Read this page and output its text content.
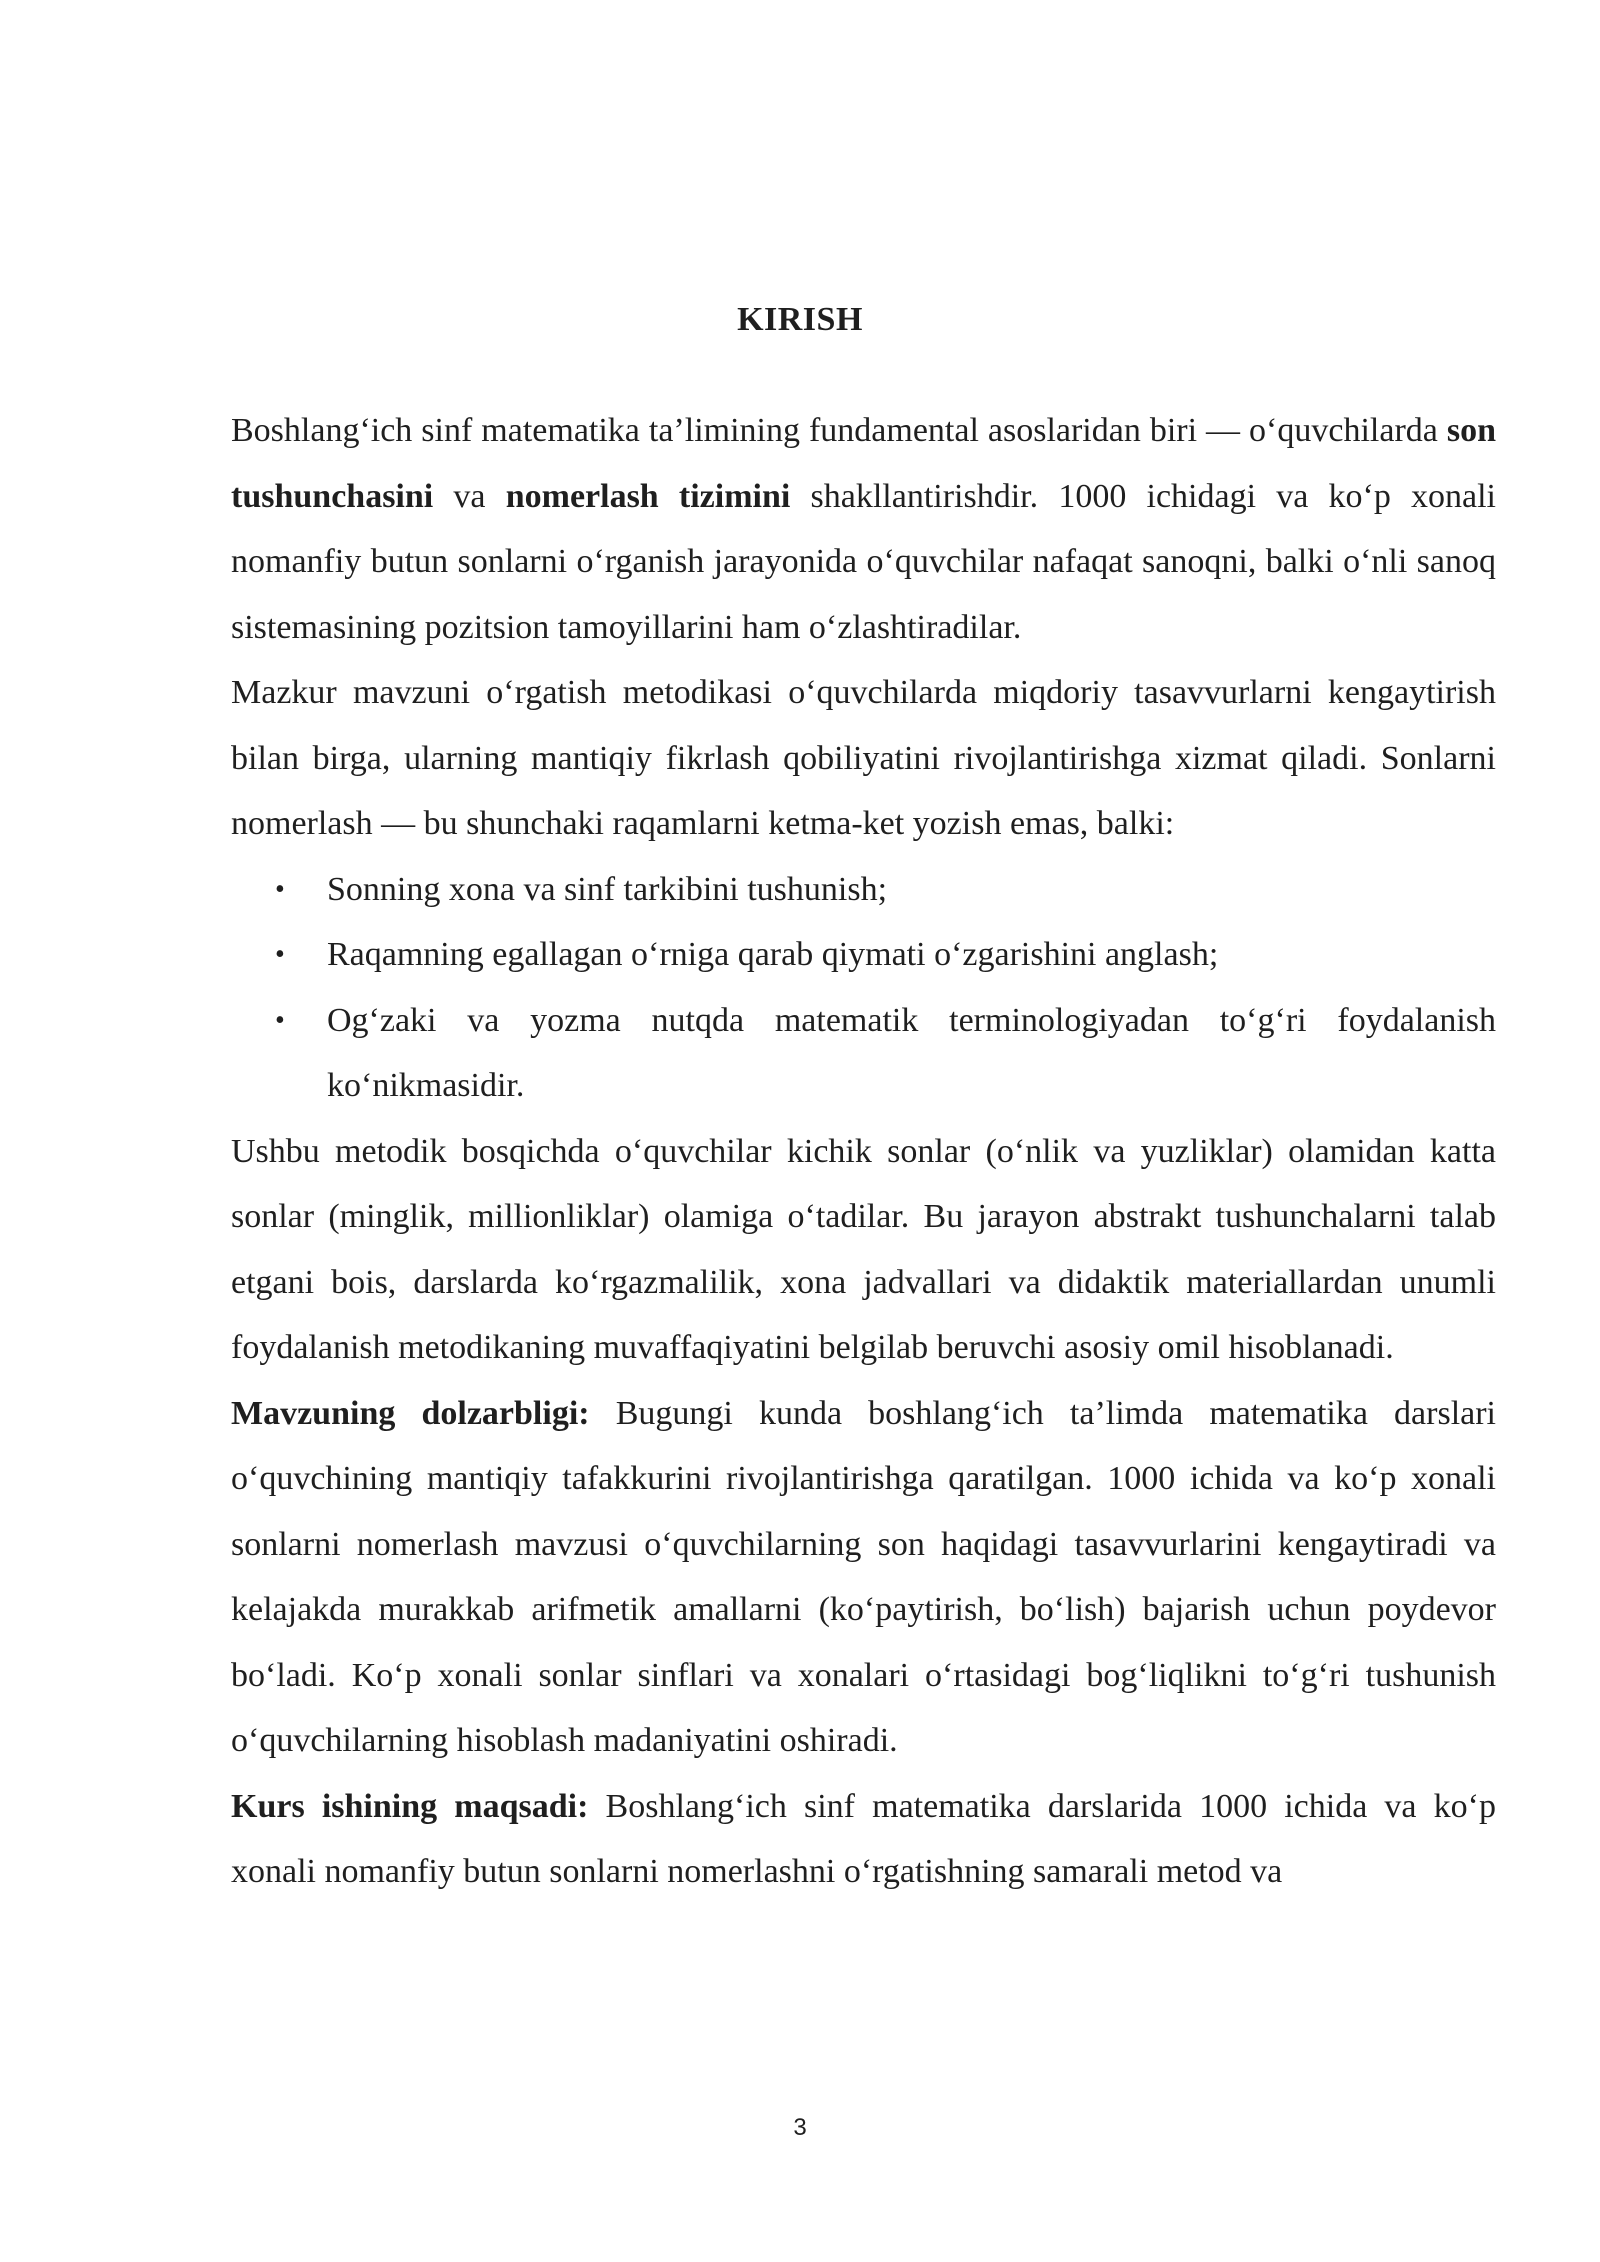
KIRISH

Boshlang‘ich sinf matematika ta’limining fundamental asoslaridan biri — o‘quvchilarda son tushunchasini va nomerlash tizimini shakllantirishdir. 1000 ichidagi va ko‘p xonali nomanfiy butun sonlarni o‘rganish jarayonida o‘quvchilar nafaqat sanoqni, balki o‘nli sanoq sistemasining pozitsion tamoyillarini ham o‘zlashtiradilar.

Mazkur mavzuni o‘rgatish metodikasi o‘quvchilarda miqdoriy tasavvurlarni kengaytirish bilan birga, ularning mantiqiy fikrlash qobiliyatini rivojlantirishga xizmat qiladi. Sonlarni nomerlash — bu shunchaki raqamlarni ketma-ket yozish emas, balki:

• Sonning xona va sinf tarkibini tushunish;
• Raqamning egallagan o‘rniga qarab qiymati o‘zgarishini anglash;
• Og‘zaki va yozma nutqda matematik terminologiyadan to‘g‘ri foydalanish ko‘nikmasidir.

Ushbu metodik bosqichda o‘quvchilar kichik sonlar (o‘nlik va yuzliklar) olamidan katta sonlar (minglik, millionliklar) olamiga o‘tadilar. Bu jarayon abstrakt tushunchalarni talab etgani bois, darslarda ko‘rgazmalilik, xona jadvallari va didaktik materiallardan unumli foydalanish metodikaning muvaffaqiyatini belgilab beruvchi asosiy omil hisoblanadi.

Mavzuning dolzarbligi: Bugungi kunda boshlang‘ich ta’limda matematika darslari o‘quvchining mantiqiy tafakkurini rivojlantirishga qaratilgan. 1000 ichida va ko‘p xonali sonlarni nomerlash mavzusi o‘quvchilarning son haqidagi tasavvurlarini kengaytiradi va kelajakda murakkab arifmetik amallarni (ko‘paytirish, bo‘lish) bajarish uchun poydevor bo‘ladi. Ko‘p xonali sonlar sinflari va xonalari o‘rtasidagi bog‘liqlikni to‘g‘ri tushunish o‘quvchilarning hisoblash madaniyatini oshiradi.

Kurs ishining maqsadi: Boshlang‘ich sinf matematika darslarida 1000 ichida va ko‘p xonali nomanfiy butun sonlarni nomerlashni o‘rgatishning samarali metod va

3
